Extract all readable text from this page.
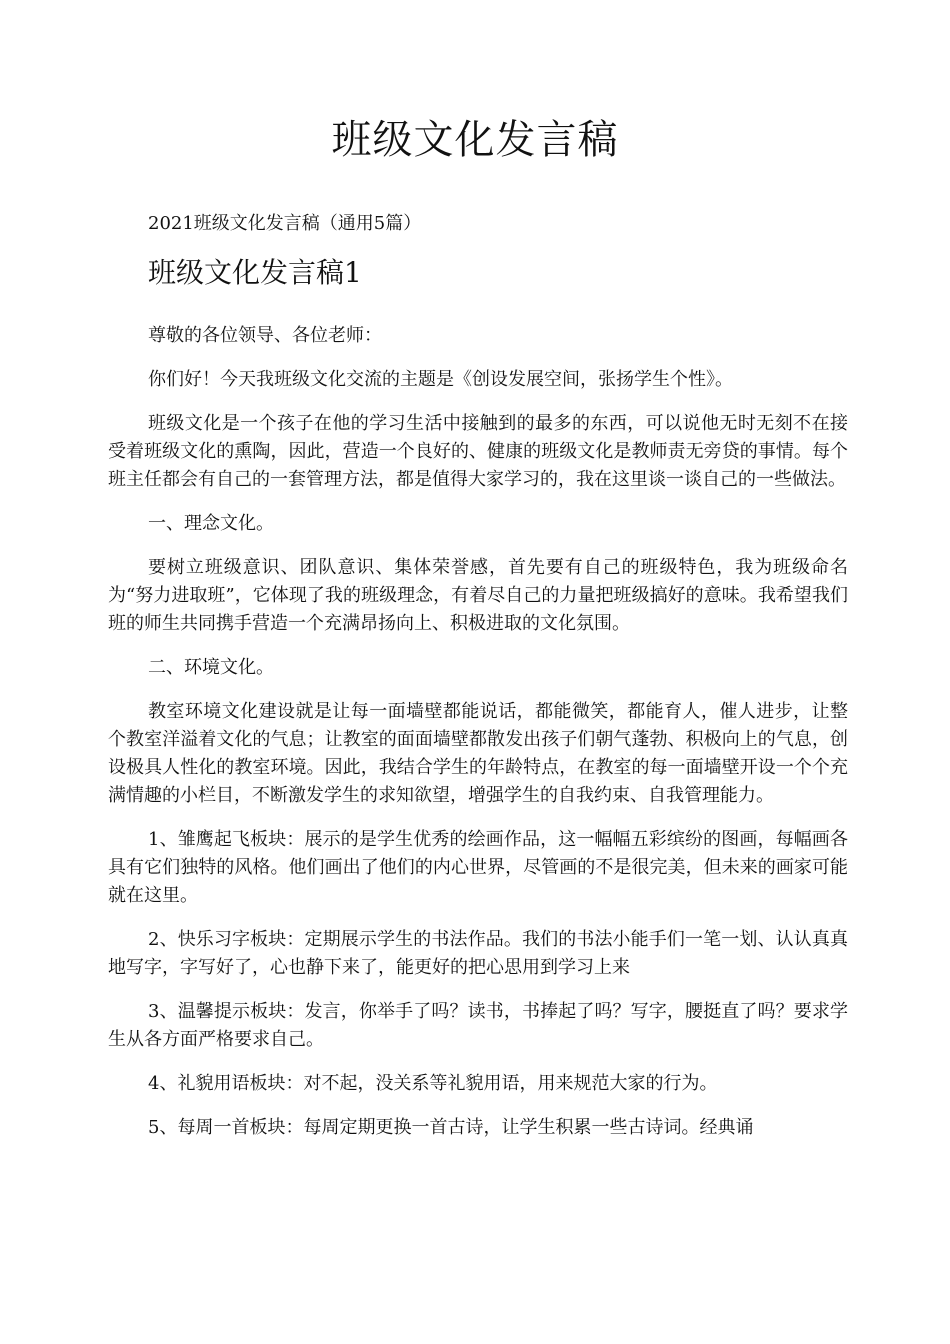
班级文化发言稿

2021班级文化发言稿（通用5篇）

班级文化发言稿1

尊敬的各位领导、各位老师：

你们好！今天我班级文化交流的主题是《创设发展空间，张扬学生个性》。

班级文化是一个孩子在他的学习生活中接触到的最多的东西，可以说他无时无刻不在接受着班级文化的熏陶，因此，营造一个良好的、健康的班级文化是教师责无旁贷的事情。每个班主任都会有自己的一套管理方法，都是值得大家学习的，我在这里谈一谈自己的一些做法。

一、理念文化。

要树立班级意识、团队意识、集体荣誉感，首先要有自己的班级特色，我为班级命名为“努力进取班”，它体现了我的班级理念，有着尽自己的力量把班级搞好的意味。我希望我们班的师生共同携手营造一个充满昂扬向上、积极进取的文化氛围。

二、环境文化。

教室环境文化建设就是让每一面墙壁都能说话，都能微笑，都能育人，催人进步，让整个教室洋溢着文化的气息；让教室的面面墙壁都散发出孩子们朝气蓬勃、积极向上的气息，创设极具人性化的教室环境。因此，我结合学生的年龄特点，在教室的每一面墙壁开设一个个充满情趣的小栏目，不断激发学生的求知欲望，增强学生的自我约束、自我管理能力。

1、雏鹰起飞板块：展示的是学生优秀的绘画作品，这一幅幅五彩缤纷的图画，每幅画各具有它们独特的风格。他们画出了他们的内心世界，尽管画的不是很完美，但未来的画家可能就在这里。

2、快乐习字板块：定期展示学生的书法作品。我们的书法小能手们一笔一划、认认真真地写字，字写好了，心也静下来了，能更好的把心思用到学习上来

3、温馨提示板块：发言，你举手了吗？读书，书捧起了吗？写字，腰挺直了吗？要求学生从各方面严格要求自己。

4、礼貌用语板块：对不起，没关系等礼貌用语，用来规范大家的行为。

5、每周一首板块：每周定期更换一首古诗，让学生积累一些古诗词。经典诵
